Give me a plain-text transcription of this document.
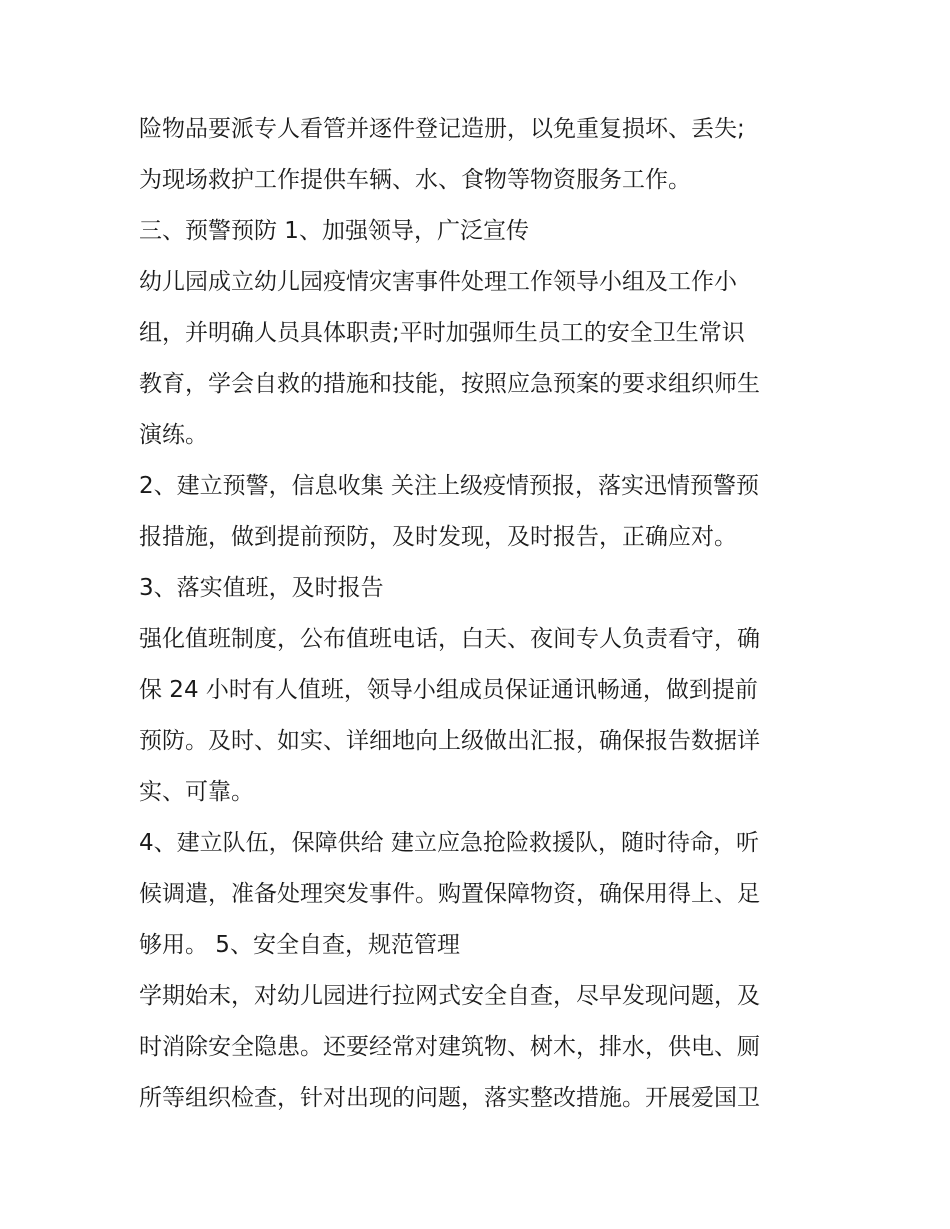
险物品要派专人看管并逐件登记造册，以免重复损坏、丢失;
为现场救护工作提供车辆、水、食物等物资服务工作。
三、预警预防 1、加强领导，广泛宣传
幼儿园成立幼儿园疫情灾害事件处理工作领导小组及工作小
组，并明确人员具体职责;平时加强师生员工的安全卫生常识
教育，学会自救的措施和技能，按照应急预案的要求组织师生
演练。
2、建立预警，信息收集 关注上级疫情预报，落实迅情预警预
报措施，做到提前预防，及时发现，及时报告，正确应对。
3、落实值班，及时报告
强化值班制度，公布值班电话，白天、夜间专人负责看守，确
保 24 小时有人值班，领导小组成员保证通讯畅通，做到提前
预防。及时、如实、详细地向上级做出汇报，确保报告数据详
实、可靠。
4、建立队伍，保障供给 建立应急抢险救援队，随时待命，听
候调遣，准备处理突发事件。购置保障物资，确保用得上、足
够用。 5、安全自查，规范管理
学期始末，对幼儿园进行拉网式安全自查，尽早发现问题，及
时消除安全隐患。还要经常对建筑物、树木，排水，供电、厕
所等组织检查，针对出现的问题，落实整改措施。开展爱国卫
